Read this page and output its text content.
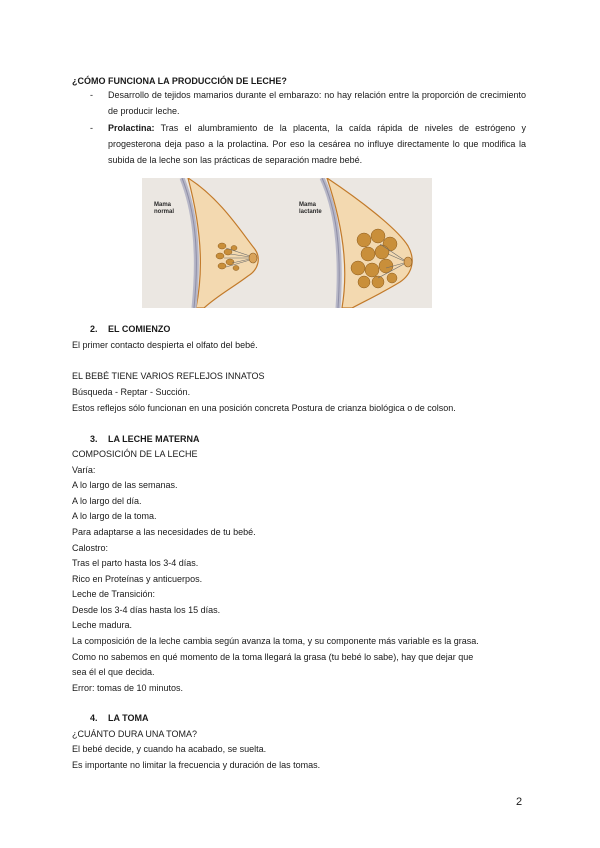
¿CÓMO FUNCIONA LA PRODUCCIÓN DE LECHE?
- Desarrollo de tejidos mamarios durante el embarazo: no hay relación entre la proporción de crecimiento de producir leche.
- Prolactina: Tras el alumbramiento de la placenta, la caída rápida de niveles de estrógeno y progesterona deja paso a la prolactina. Por eso la cesárea no influye directamente lo que modifica la subida de la leche son las prácticas de separación madre bebé.
Mama
normal
Mama
lactante
2. EL COMIENZO
El primer contacto despierta el olfato del bebé.
EL BEBÉ TIENE VARIOS REFLEJOS INNATOS
Búsqueda - Reptar - Succión.
Estos reflejos sólo funcionan en una posición concreta Postura de crianza biológica o de colson.
3. LA LECHE MATERNA
COMPOSICIÓN DE LA LECHE
Varía:
A lo largo de las semanas.
A lo largo del día.
A lo largo de la toma.
Para adaptarse a las necesidades de tu bebé.
Calostro:
Tras el parto hasta los 3-4 días.
Rico en Proteínas y anticuerpos.
Leche de Transición:
Desde los 3-4 días hasta los 15 días.
Leche madura.
La composición de la leche cambia según avanza la toma, y su componente más variable es la grasa.
Como no sabemos en qué momento de la toma llegará la grasa (tu bebé lo sabe), hay que dejar que
sea él el que decida.
Error: tomas de 10 minutos.
4. LA TOMA
¿CUÁNTO DURA UNA TOMA?
El bebé decide, y cuando ha acabado, se suelta.
Es importante no limitar la frecuencia y duración de las tomas.
2
